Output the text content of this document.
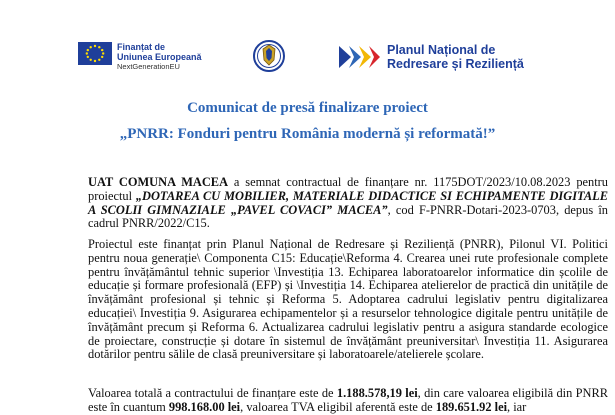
Finanțat de
Uniunea Europeană
NextGenerationEU
Planul Național de
Redresare și Reziliență
Comunicat de presă finalizare proiect
„PNRR: Fonduri pentru România modernă și reformată!”
UAT COMUNA MACEA a semnat contractual de finanțare nr. 1175DOT/2023/10.08.2023 pentru proiectul „DOTAREA CU MOBILIER, MATERIALE DIDACTICE SI ECHIPAMENTE DIGITALE A SCOLII GIMNAZIALE „PAVEL COVACI” MACEA”, cod F-PNRR-Dotari-2023-0703, depus în cadrul PNRR/2022/C15.
Proiectul este finanțat prin Planul Național de Redresare și Reziliență (PNRR), Pilonul VI. Politici pentru noua generație\ Componenta C15: Educație\Reforma 4. Crearea unei rute profesionale complete pentru învățământul tehnic superior \Investiția 13. Echiparea laboratoarelor informatice din școlile de educație și formare profesională (EFP) și \Investiția 14. Echiparea atelierelor de practică din unitățile de învățământ profesional și tehnic și Reforma 5. Adoptarea cadrului legislativ pentru digitalizarea educației\ Investiția 9. Asigurarea echipamentelor și a resurselor tehnologice digitale pentru unitățile de învățământ precum și Reforma 6. Actualizarea cadrului legislativ pentru a asigura standarde ecologice de proiectare, construcție și dotare în sistemul de învățământ preuniversitar\ Investiția 11. Asigurarea dotărilor pentru sălile de clasă preuniversitare și laboratoarele/atelierele școlare.
Valoarea totală a contractului de finanțare este de 1.188.578,19 lei, din care valoarea eligibilă din PNRR este în cuantum 998.168.00 lei, valoarea TVA eligibil aferentă este de 189.651.92 lei, iar
